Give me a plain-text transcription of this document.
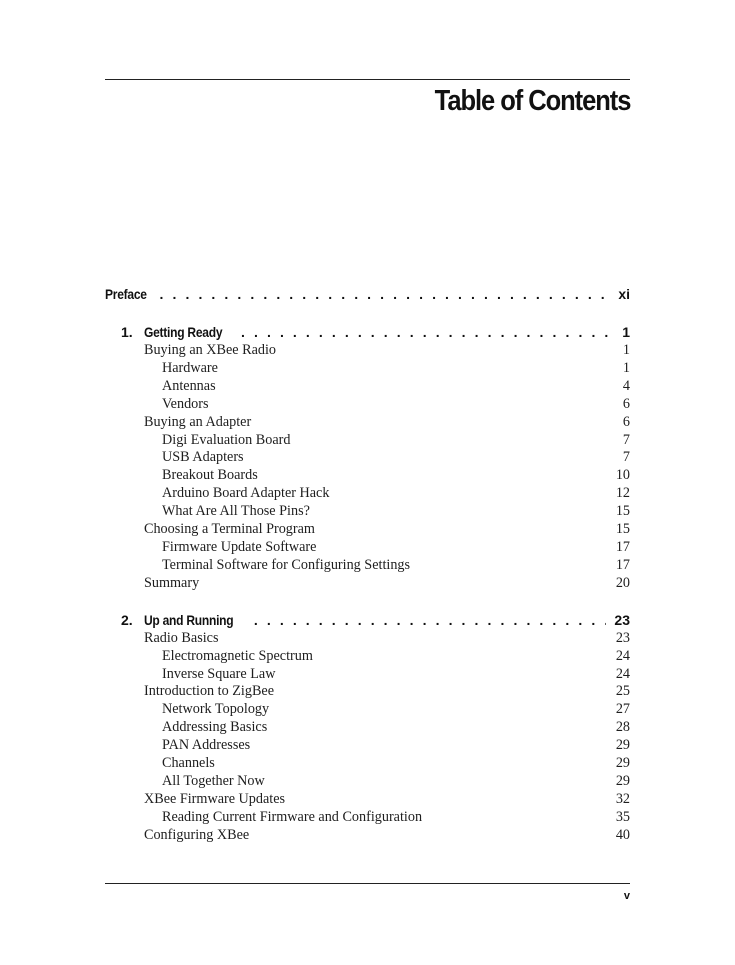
Table of Contents
Preface . . .	xi
1. Getting Ready . . .	1
Buying an XBee Radio	1
Hardware	1
Antennas	4
Vendors	6
Buying an Adapter	6
Digi Evaluation Board	7
USB Adapters	7
Breakout Boards	10
Arduino Board Adapter Hack	12
What Are All Those Pins?	15
Choosing a Terminal Program	15
Firmware Update Software	17
Terminal Software for Configuring Settings	17
Summary	20
2. Up and Running . . .	23
Radio Basics	23
Electromagnetic Spectrum	24
Inverse Square Law	24
Introduction to ZigBee	25
Network Topology	27
Addressing Basics	28
PAN Addresses	29
Channels	29
All Together Now	29
XBee Firmware Updates	32
Reading Current Firmware and Configuration	35
Configuring XBee	40
v
